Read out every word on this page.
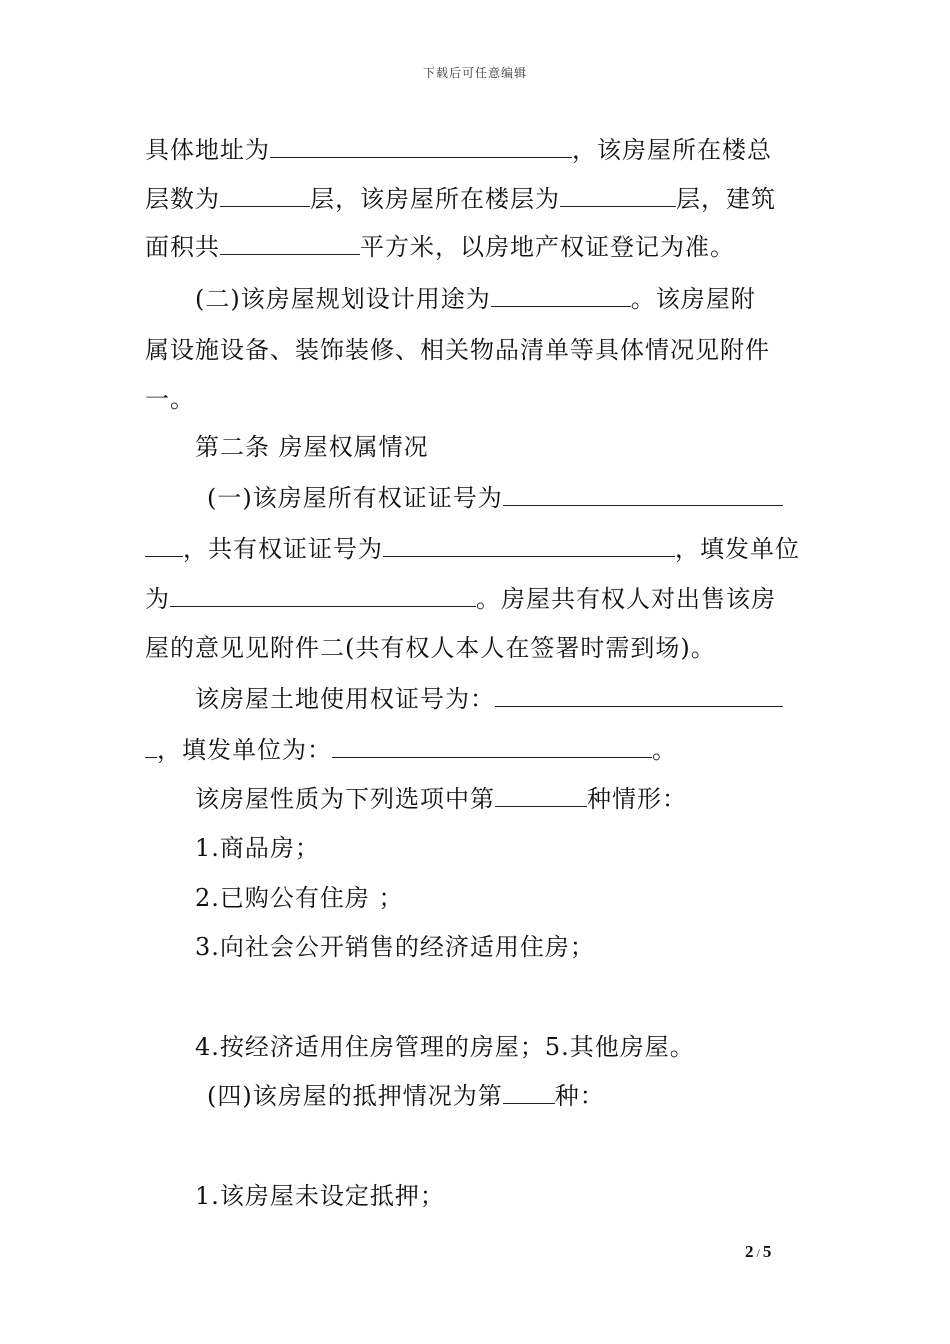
下载后可任意编辑
具体地址为	，该房屋所在楼总
层数为	层，该房屋所在楼层为	层，建筑
面积共	平方米，以房地产权证登记为准。
(二)该房屋规划设计用途为	。该房屋附
属设施设备、装饰装修、相关物品清单等具体情况见附件
一。
第二条 房屋权属情况
(一)该房屋所有权证证号为
，共有权证证号为	，填发单位
为	。房屋共有权人对出售该房
屋的意见见附件二(共有权人本人在签署时需到场)。
该房屋土地使用权证号为：
，填发单位为：	。
该房屋性质为下列选项中第	种情形：
1.商品房；
2.已购公有住房 ；
3.向社会公开销售的经济适用住房；
4.按经济适用住房管理的房屋；5.其他房屋。
(四)该房屋的抵押情况为第 种：
1.该房屋未设定抵押；
2 / 5
